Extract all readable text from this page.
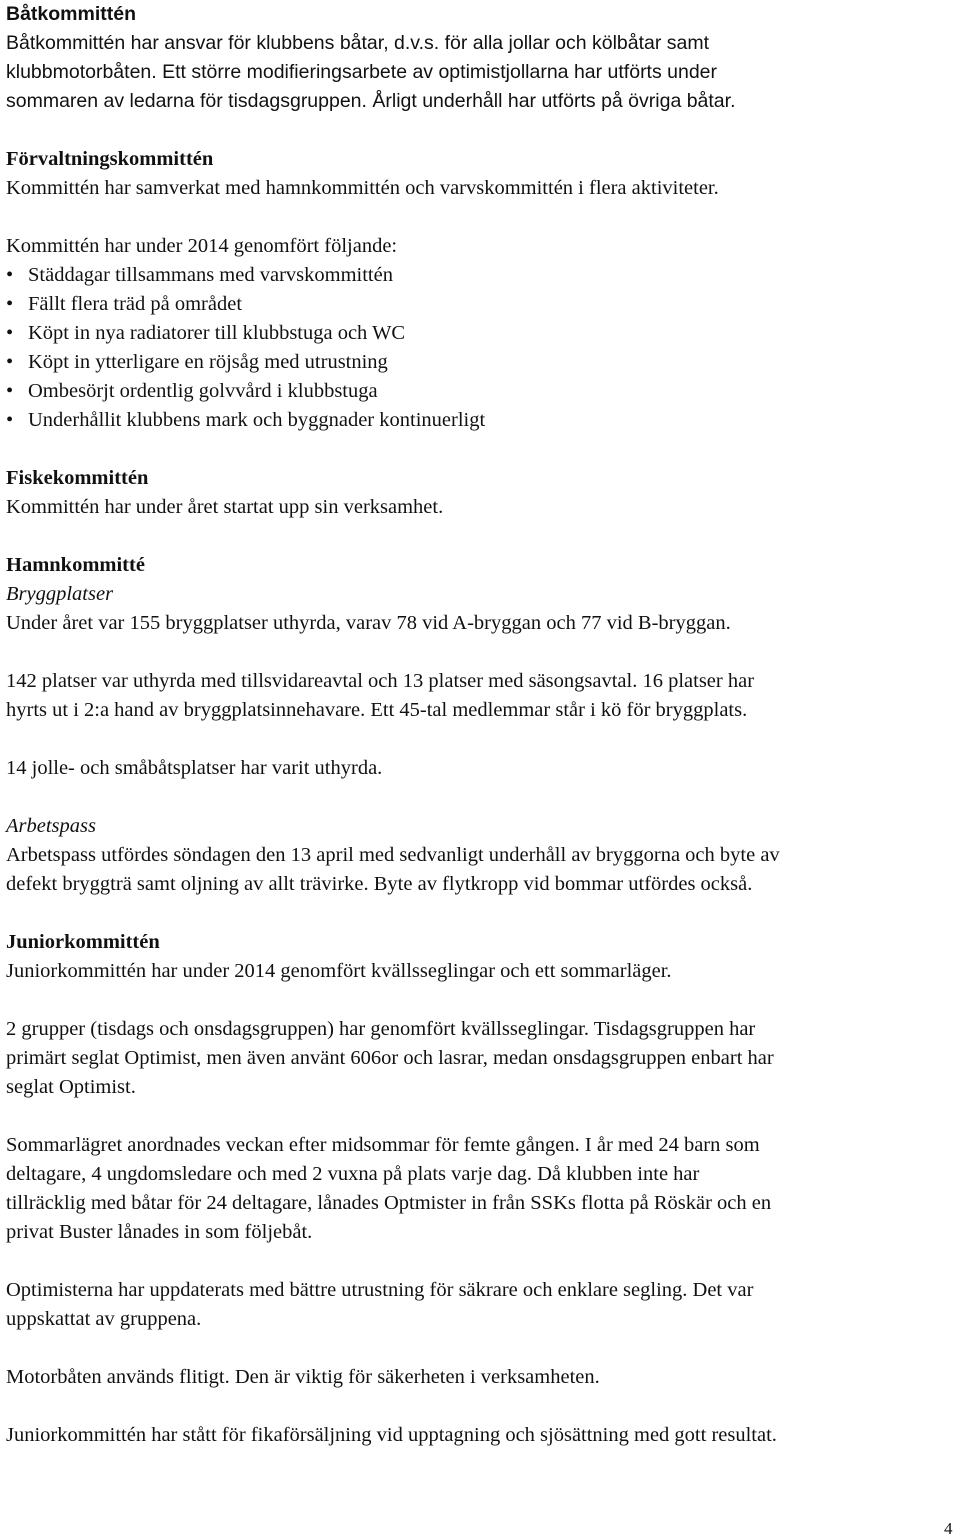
Båtkommittén
Båtkommittén har ansvar för klubbens båtar, d.v.s. för alla jollar och kölbåtar samt
klubbmotorbåten. Ett större modifieringsarbete av optimistjollarna har utförts under
sommaren av ledarna för tisdagsgruppen. Årligt underhåll har utförts på övriga båtar.
Förvaltningskommittén
Kommittén har samverkat med hamnkommittén och varvskommittén i flera aktiviteter.
Kommittén har under 2014 genomfört följande:
• Städdagar tillsammans med varvskommittén
• Fällt flera träd på området
• Köpt in nya radiatorer till klubbstuga och WC
• Köpt in ytterligare en röjsåg med utrustning
• Ombesörjt ordentlig golvvård i klubbstuga
• Underhållit klubbens mark och byggnader kontinuerligt
Fiskekommittén
Kommittén har under året startat upp sin verksamhet.
Hamnkommitté
Bryggplatser
Under året var 155 bryggplatser uthyrda, varav 78 vid A-bryggan och 77 vid B-bryggan.
142 platser var uthyrda med tillsvidareavtal och 13 platser med säsongsavtal. 16 platser har
hyrts ut i 2:a hand av bryggplatsinnehavare. Ett 45-tal medlemmar står i kö för bryggplats.
14 jolle- och småbåtsplatser har varit uthyrda.
Arbetspass
Arbetspass utfördes söndagen den 13 april med sedvanligt underhåll av bryggorna och byte av
defekt bryggträ samt oljning av allt trävirke. Byte av flytkropp vid bommar utfördes också.
Juniorkommittén
Juniorkommittén har under 2014 genomfört kvällsseglingar och ett sommarläger.
2 grupper (tisdags och onsdagsgruppen) har genomfört kvällsseglingar. Tisdagsgruppen har
primärt seglat Optimist, men även använt 606or och lasrar, medan onsdagsgruppen enbart har
seglat Optimist.
Sommarlägret anordnades veckan efter midsommar för femte gången. I år med 24 barn som
deltagare, 4 ungdomsledare och med 2 vuxna på plats varje dag. Då klubben inte har
tillräcklig med båtar för 24 deltagare, lånades Optmister in från SSKs flotta på Röskär och en
privat Buster lånades in som följebåt.
Optimisterna har uppdaterats med bättre utrustning för säkrare och enklare segling. Det var
uppskattat av gruppena.
Motorbåten används flitigt. Den är viktig för säkerheten i verksamheten.
Juniorkommittén har stått för fikaförsäljning vid upptagning och sjösättning med gott resultat.
4
